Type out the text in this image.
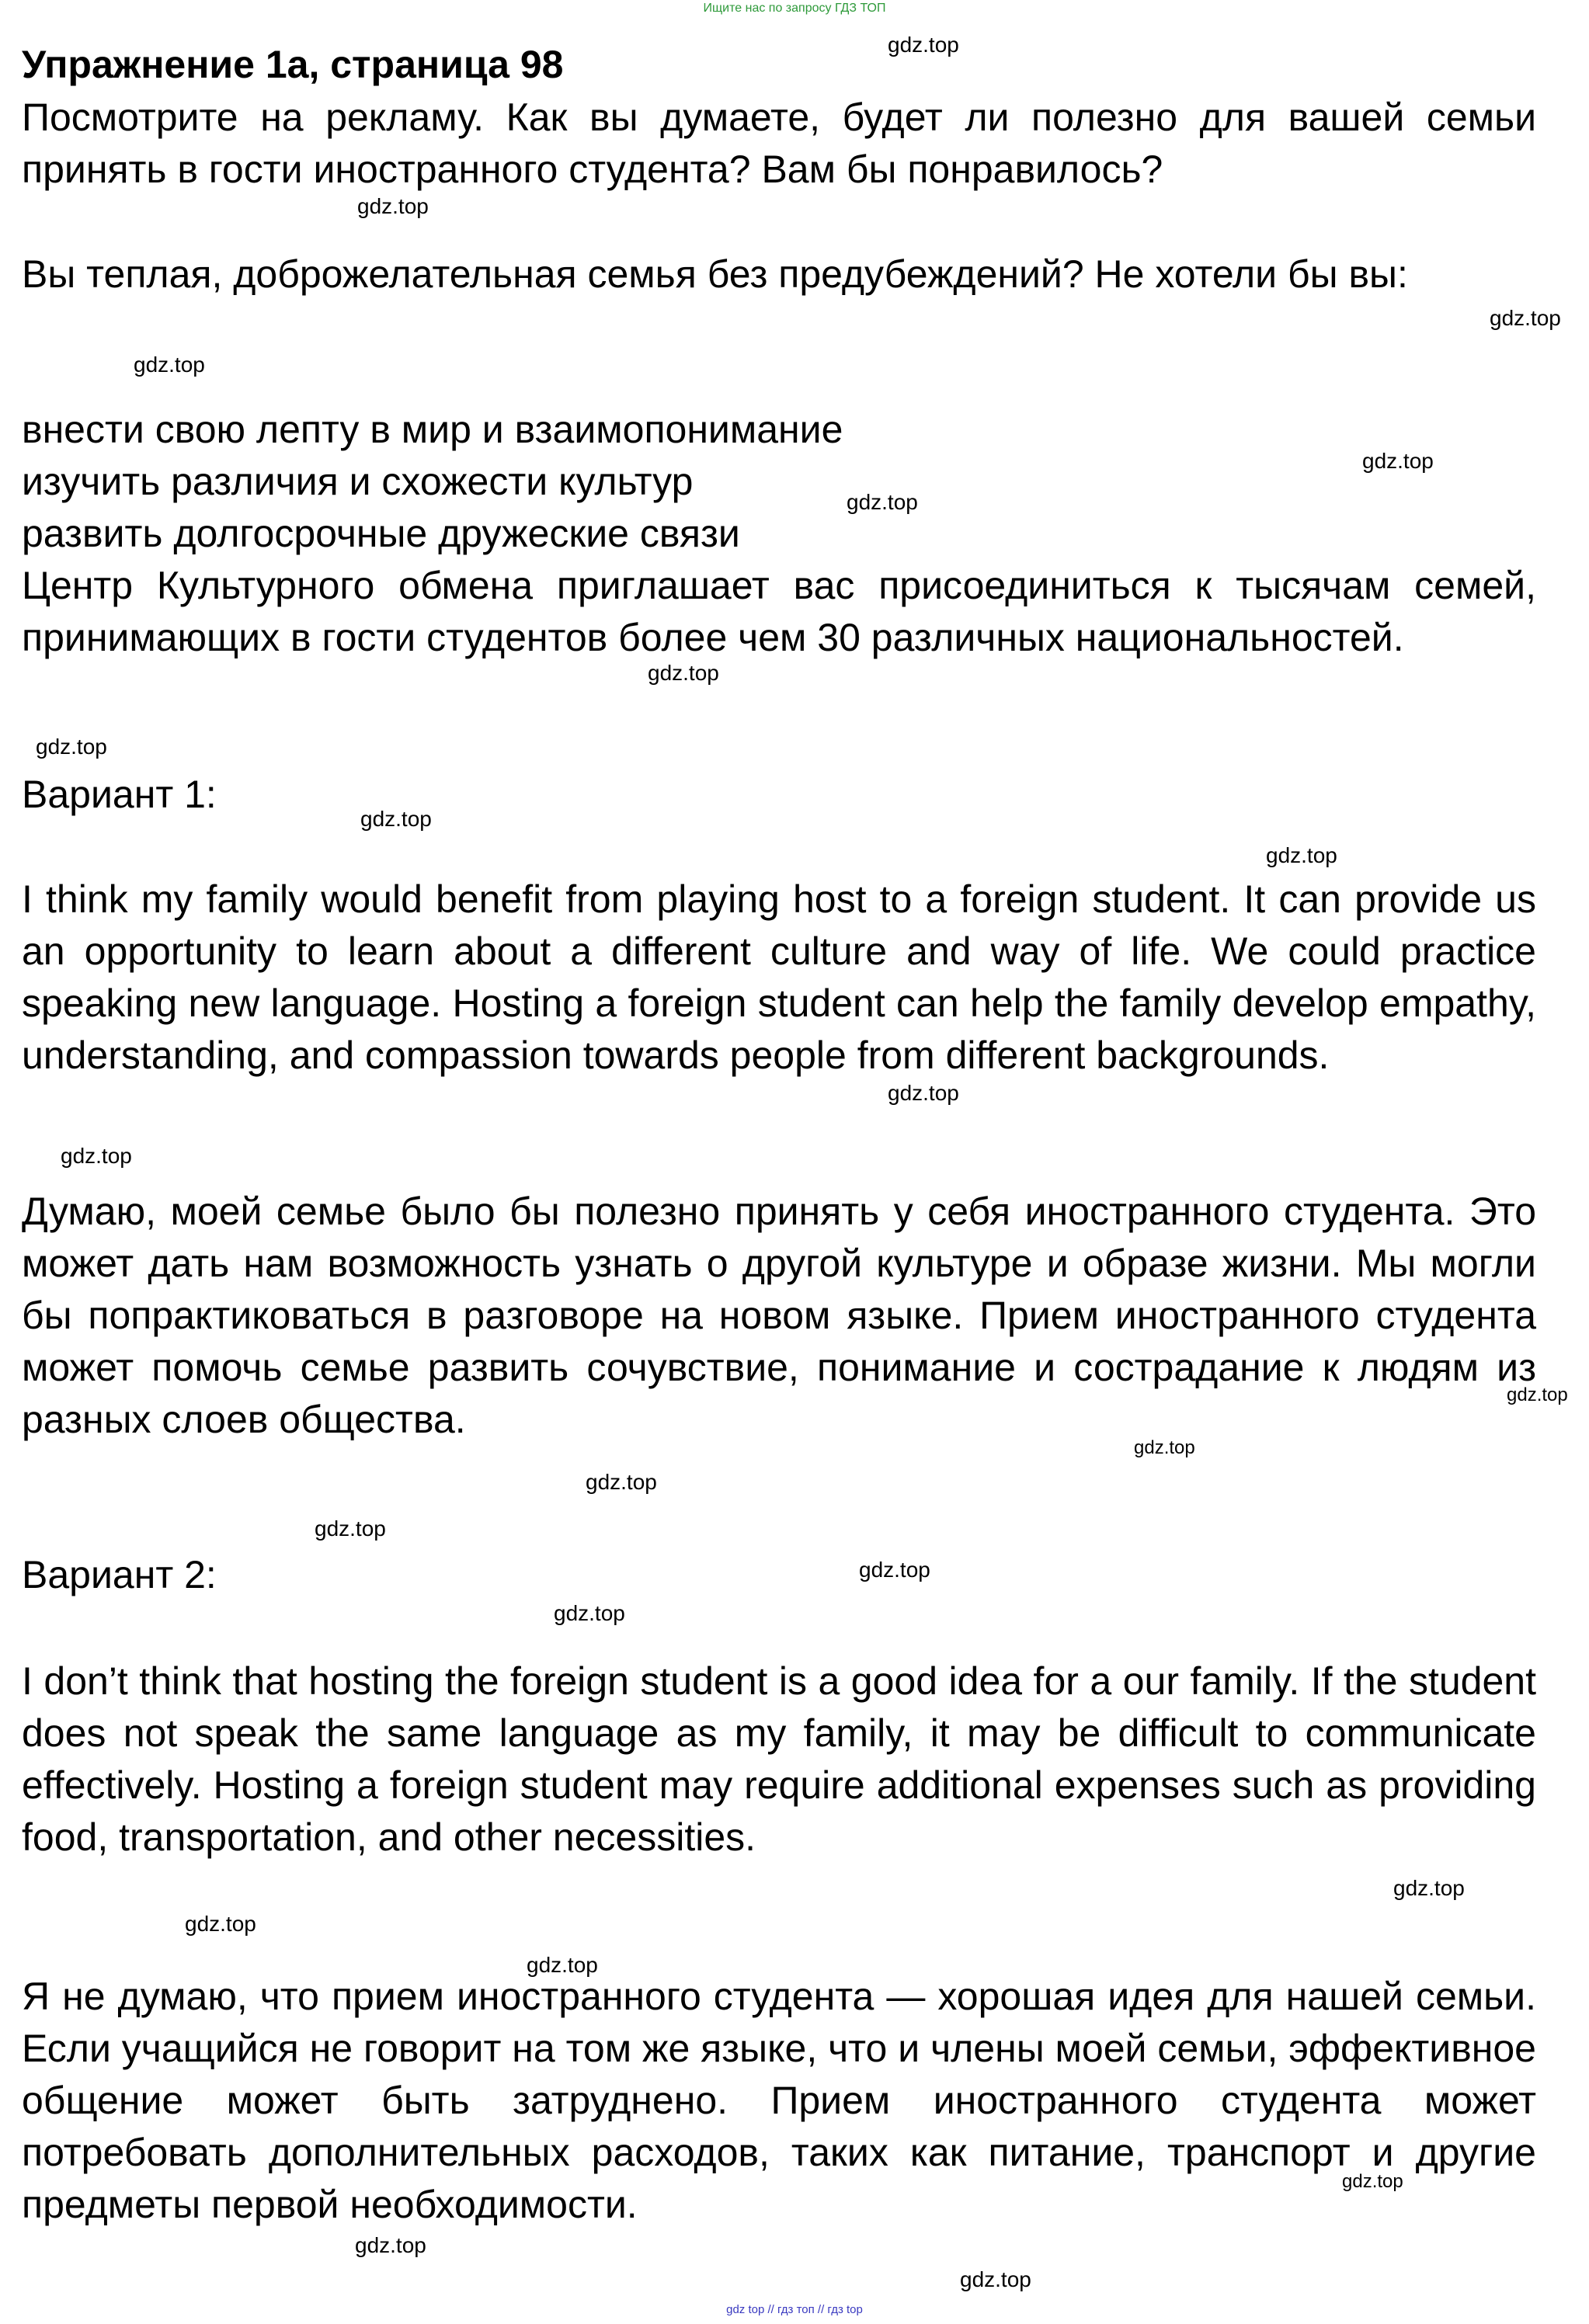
Ищите нас по запросу ГДЗ ТОП
Упражнение 1а, страница 98

Посмотрите на рекламу. Как вы думаете, будет ли полезно для вашей семьи принять в гости иностранного студента? Вам бы понравилось?

Вы теплая, доброжелательная семья без предубеждений? Не хотели бы вы:

внести свою лепту в мир и взаимопонимание

изучить различия и схожести культур

развить долгосрочные дружеские связи

Центр Культурного обмена приглашает вас присоединиться к тысячам семей, принимающих в гости студентов более чем 30 различных национальностей.

Вариант 1:

I think my family would benefit from playing host to a foreign student. It can provide us an opportunity to learn about a different culture and way of life. We could practice speaking new language. Hosting a foreign student can help the family develop empathy, understanding, and compassion towards people from different backgrounds.

Думаю, моей семье было бы полезно принять у себя иностранного студента. Это может дать нам возможность узнать о другой культуре и образе жизни. Мы могли бы попрактиковаться в разговоре на новом языке. Прием иностранного студента может помочь семье развить сочувствие, понимание и сострадание к людям из разных слоев общества.

Вариант 2:

I don’t think that hosting the foreign student is a good idea for a our family. If the student does not speak the same language as my family, it may be difficult to communicate effectively. Hosting a foreign student may require additional expenses such as providing food, transportation, and other necessities.

Я не думаю, что прием иностранного студента — хорошая идея для нашей семьи. Если учащийся не говорит на том же языке, что и члены моей семьи, эффективное общение может быть затруднено. Прием иностранного студента может потребовать дополнительных расходов, таких как питание, транспорт и другие предметы первой необходимости.

gdz.top
gdz.top
gdz.top
gdz.top
gdz.top
gdz.top
gdz.top
gdz.top
gdz.top
gdz.top
gdz.top
gdz.top
gdz.top
gdz.top
gdz.top
gdz.top
gdz.top
gdz.top
gdz.top
gdz.top
gdz.top
gdz.top
gdz.top
gdz.top
gdz top // гдз топ // гдз top
